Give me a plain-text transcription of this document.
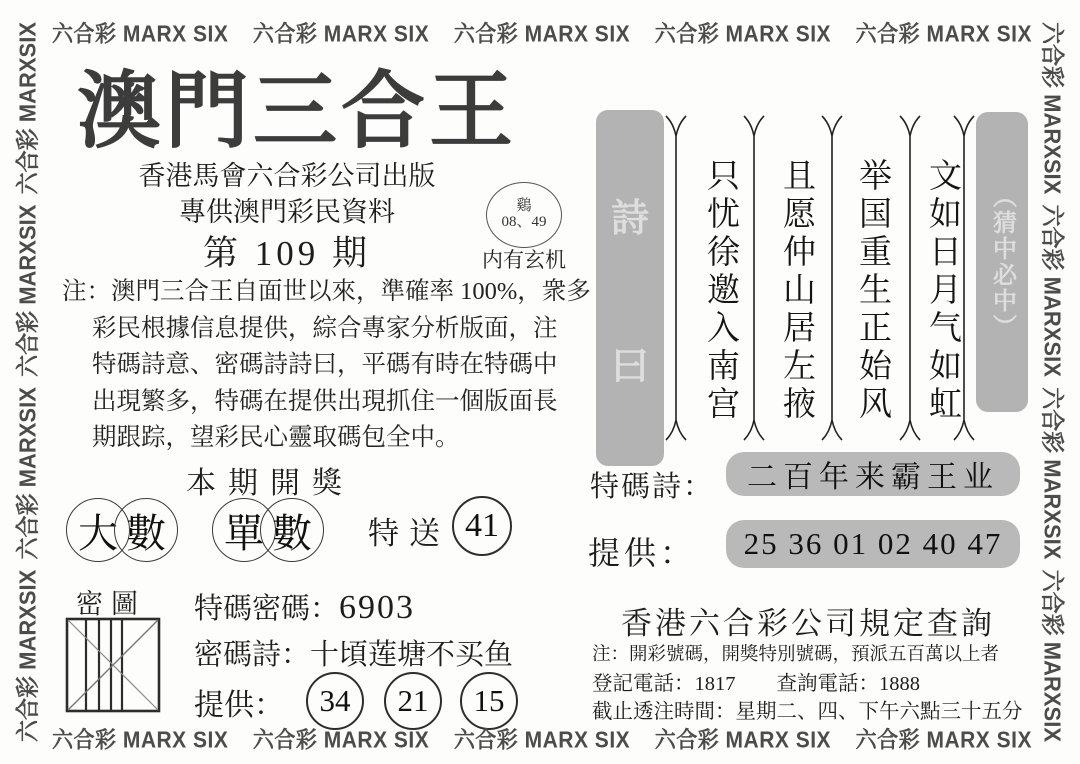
六合彩 MARX SIX 六合彩 MARX SIX 六合彩 MARX SIX 六合彩 MARX SIX 六合彩 MARX SIX
六合彩 MARXSIX
六合彩 MARXSIX
六合彩 MARXSIX
六合彩 MARXSIX	六合彩 MARXSIX
六合彩 MARXSIX
六合彩 MARXSIX
六合彩 MARXSIX
澳門三合王
香港馬會六合彩公司出版
專供澳門彩民資料
第 109 期
鷄
08、49
内有玄机
注：澳門三合王自面世以來，準確率 100%，衆多
彩民根據信息提供，綜合專家分析版面，注
特碼詩意、密碼詩詩曰，平碼有時在特碼中
出現繁多，特碼在提供出現抓住一個版面長
期跟踪，望彩民心靈取碼包全中。
本期開獎
大 數	單 數	特送 41
密圖 特碼密碼：6903
密碼詩：十頃莲塘不买鱼
提供：	34	21	15
詩
曰	只忧徐邀入南宫	且愿仲山居左掖	举国重生正始风	文如日月气如虹 （猜中必中）
特碼詩：	二百年来霸王业
提供：	25 36 01 02 40 47
香港六合彩公司規定查詢
注：開彩號碼，開獎特別號碼，預派五百萬以上者
登記電話：1817　　查詢電話：1888
截止透注時間：星期二、四、下午六點三十五分
六合彩 MARX SIX 六合彩 MARX SIX 六合彩 MARX SIX 六合彩 MARX SIX 六合彩 MARX SIX
